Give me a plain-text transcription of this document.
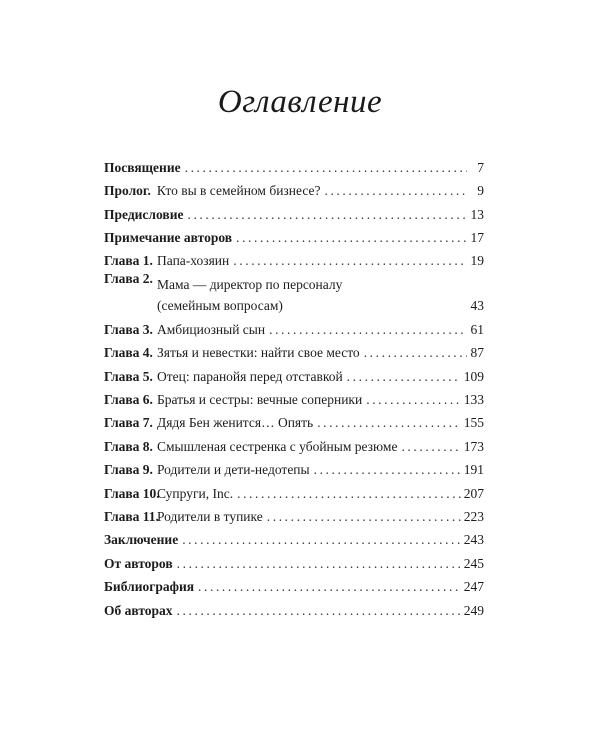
Оглавление
Посвящение .....	7
Пролог. Кто вы в семейном бизнесе? .....	9
Предисловие .....	13
Примечание авторов .....	17
Глава 1. Папа-хозяин .....	19
Глава 2. Мама — директор по персоналу
(семейным вопросам)	43
Глава 3. Амбициозный сын .....	61
Глава 4. Зятья и невестки: найти свое место .....	87
Глава 5. Отец: паранойя перед отставкой .....	109
Глава 6. Братья и сестры: вечные соперники .....	133
Глава 7. Дядя Бен женится… Опять .....	155
Глава 8. Смышленая сестренка с убойным резюме .....	173
Глава 9. Родители и дети-недотепы .....	191
Глава 10.
Супруги, Inc. .....	207
Глава 11.
Родители в тупике .....	223
Заключение .....	243
От авторов .....	245
Библиография .....	247
Об авторах .....	249
